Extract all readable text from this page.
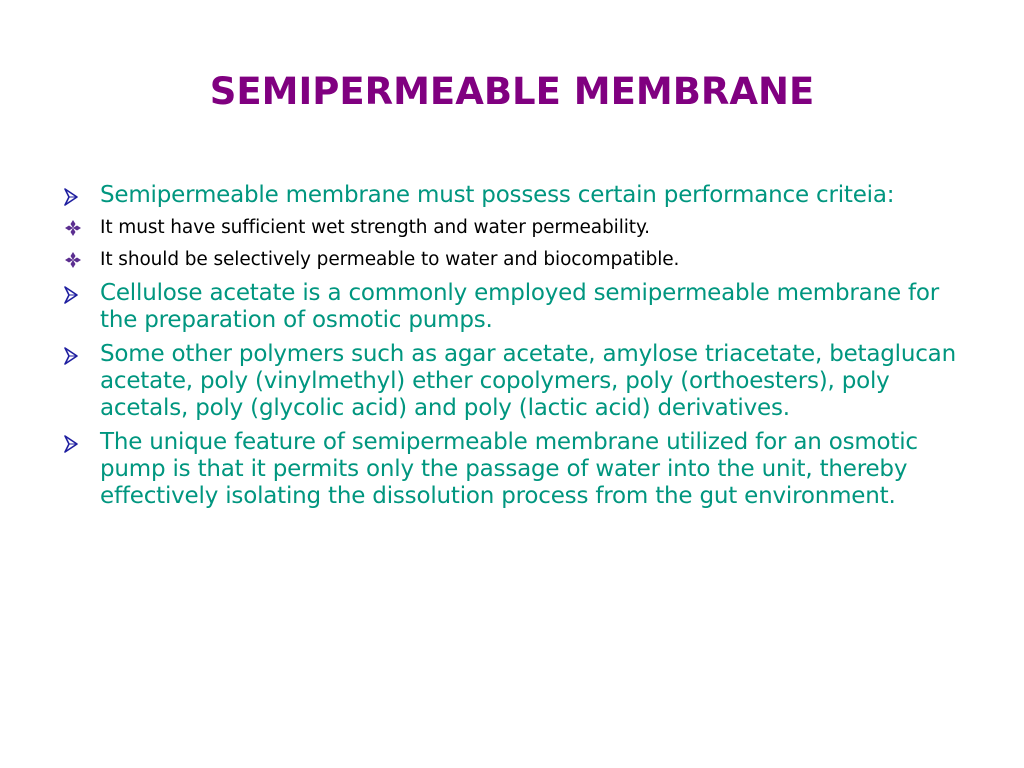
SEMIPERMEABLE MEMBRANE
Semipermeable membrane must possess certain performance criteia:
It must have sufficient wet strength and water permeability.
It should be selectively permeable to water and biocompatible.
Cellulose acetate is a commonly employed semipermeable membrane for the preparation of osmotic pumps.
Some other polymers such as agar acetate, amylose triacetate, betaglucan acetate, poly (vinylmethyl) ether copolymers, poly (orthoesters), poly acetals, poly (glycolic acid) and poly (lactic acid) derivatives.
The unique feature of semipermeable membrane utilized for an osmotic pump is that it permits only the passage of water into the unit, thereby effectively isolating the dissolution process from the gut environment.
